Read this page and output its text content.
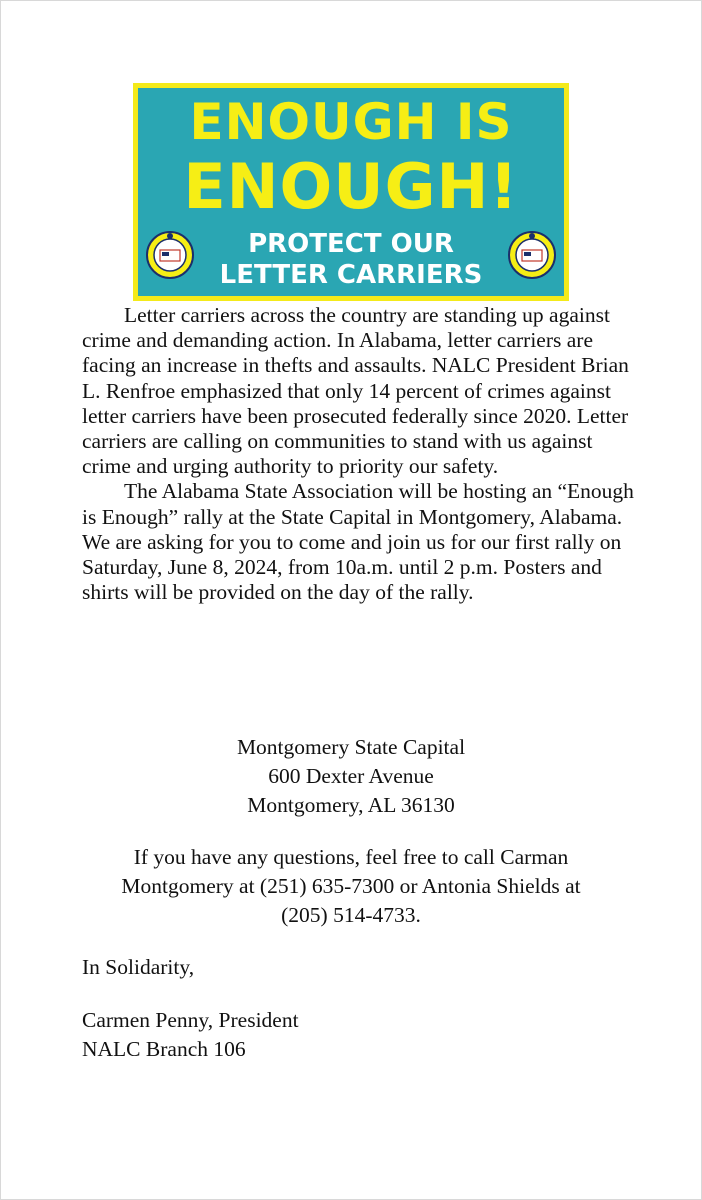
ENOUGH IS
ENOUGH!
PROTECT OUR
LETTER CARRIERS

Letter carriers across the country are standing up against crime and demanding action. In Alabama, letter carriers are facing an increase in thefts and assaults. NALC President Brian L. Renfroe emphasized that only 14 percent of crimes against letter carriers have been prosecuted federally since 2020. Letter carriers are calling on communities to stand with us against crime and urging authority to priority our safety.

The Alabama State Association will be hosting an “Enough is Enough” rally at the State Capital in Montgomery, Alabama. We are asking for you to come and join us for our first rally on Saturday, June 8, 2024, from 10a.m. until 2 p.m. Posters and shirts will be provided on the day of the rally.

Montgomery State Capital
600 Dexter Avenue
Montgomery, AL 36130
If you have any questions, feel free to call Carman
Montgomery at (251) 635-7300 or Antonia Shields at
(205) 514-4733.
In Solidarity,
Carmen Penny, President
NALC Branch 106
